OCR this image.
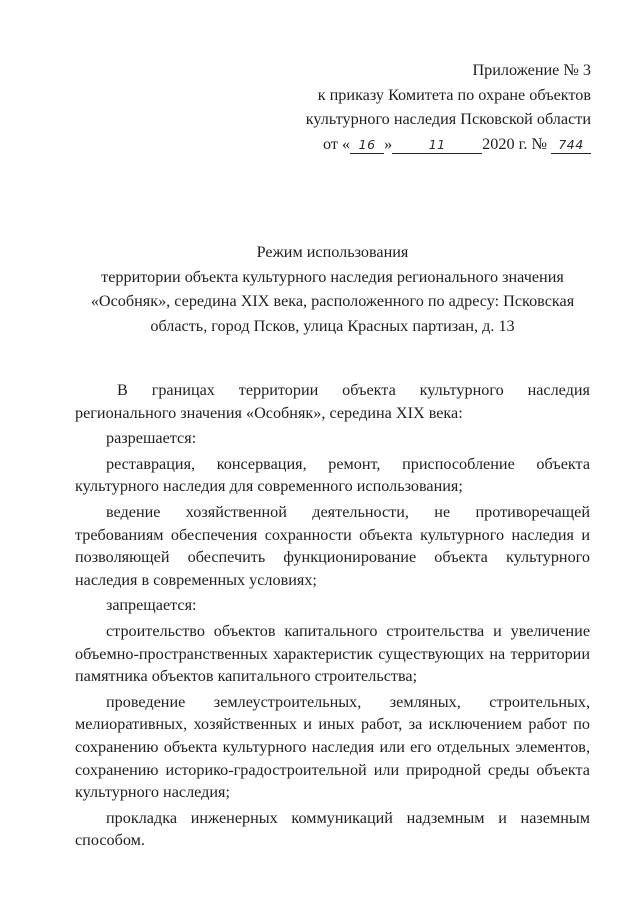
Приложение № 3
к приказу Комитета по охране объектов
культурного наследия Псковской области
от « 16 »	11 2020 г. № 744
Режим использования
территории объекта культурного наследия регионального значения
«Особняк», середина XIX века, расположенного по адресу: Псковская
область, город Псков, улица Красных партизан, д. 13
В границах территории объекта культурного наследия регионального значения «Особняк», середина XIX века:
разрешается:
реставрация, консервация, ремонт, приспособление объекта культурного наследия для современного использования;
ведение хозяйственной деятельности, не противоречащей требованиям обеспечения сохранности объекта культурного наследия и позволяющей обеспечить функционирование объекта культурного наследия в современных условиях;
запрещается:
строительство объектов капитального строительства и увеличение объемно-пространственных характеристик существующих на территории памятника объектов капитального строительства;
проведение землеустроительных, земляных, строительных, мелиоративных, хозяйственных и иных работ, за исключением работ по сохранению объекта культурного наследия или его отдельных элементов, сохранению историко-градостроительной или природной среды объекта культурного наследия;
прокладка инженерных коммуникаций надземным и наземным способом.
